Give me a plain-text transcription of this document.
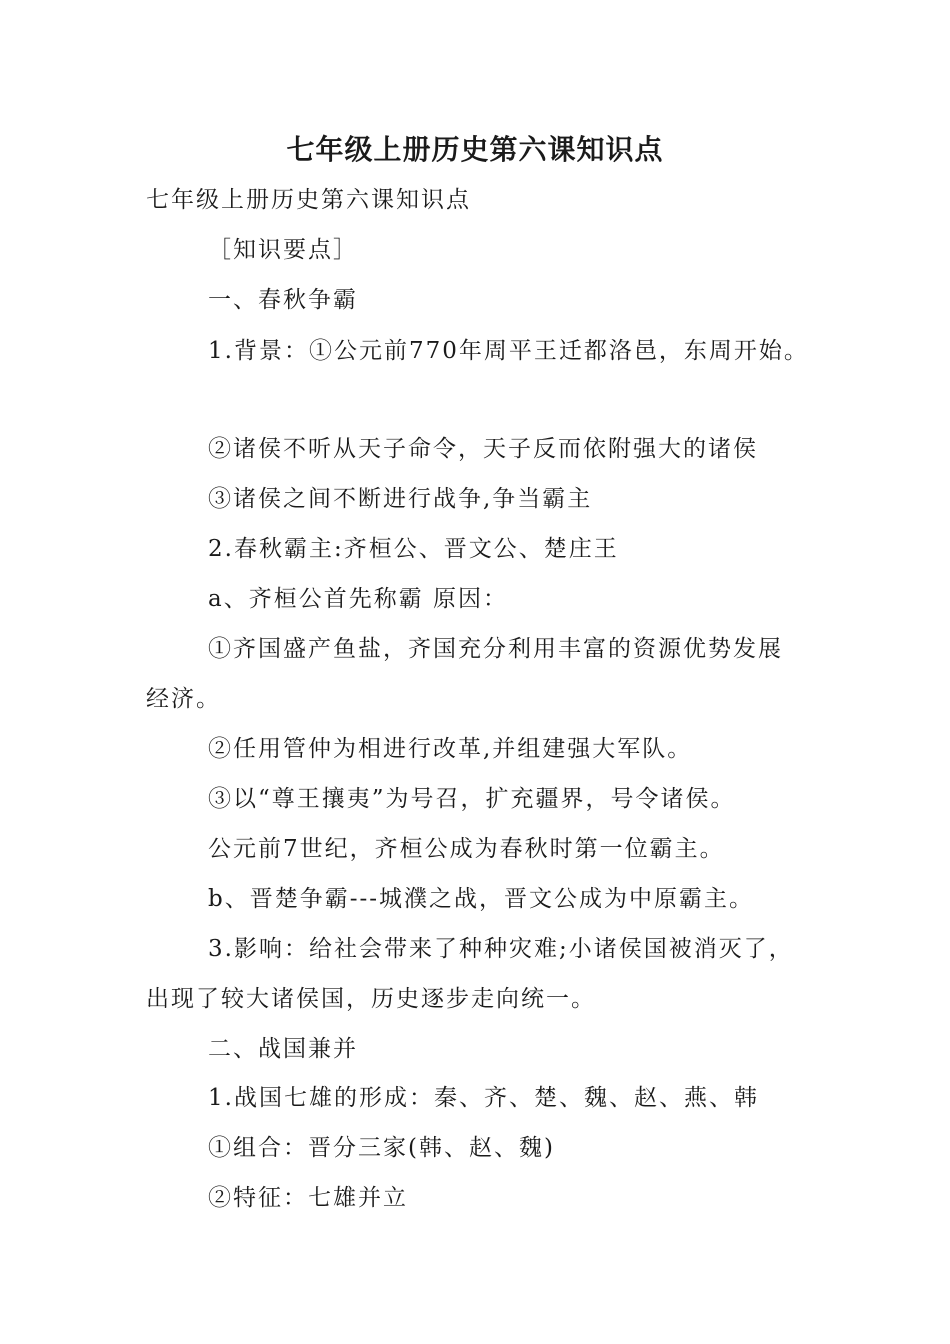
七年级上册历史第六课知识点
七年级上册历史第六课知识点
［知识要点］
一、春秋争霸
1.背景：①公元前770年周平王迁都洛邑，东周开始。
②诸侯不听从天子命令，天子反而依附强大的诸侯
③诸侯之间不断进行战争,争当霸主
2.春秋霸主:齐桓公、晋文公、楚庄王
a、齐桓公首先称霸 原因：
①齐国盛产鱼盐，齐国充分利用丰富的资源优势发展
经济。
②任用管仲为相进行改革,并组建强大军队。
③以“尊王攘夷”为号召，扩充疆界，号令诸侯。
公元前7世纪，齐桓公成为春秋时第一位霸主。
b、晋楚争霸---城濮之战，晋文公成为中原霸主。
3.影响：给社会带来了种种灾难;小诸侯国被消灭了，
出现了较大诸侯国，历史逐步走向统一。
二、战国兼并
1.战国七雄的形成：秦、齐、楚、魏、赵、燕、韩
①组合：晋分三家(韩、赵、魏)
②特征：七雄并立
